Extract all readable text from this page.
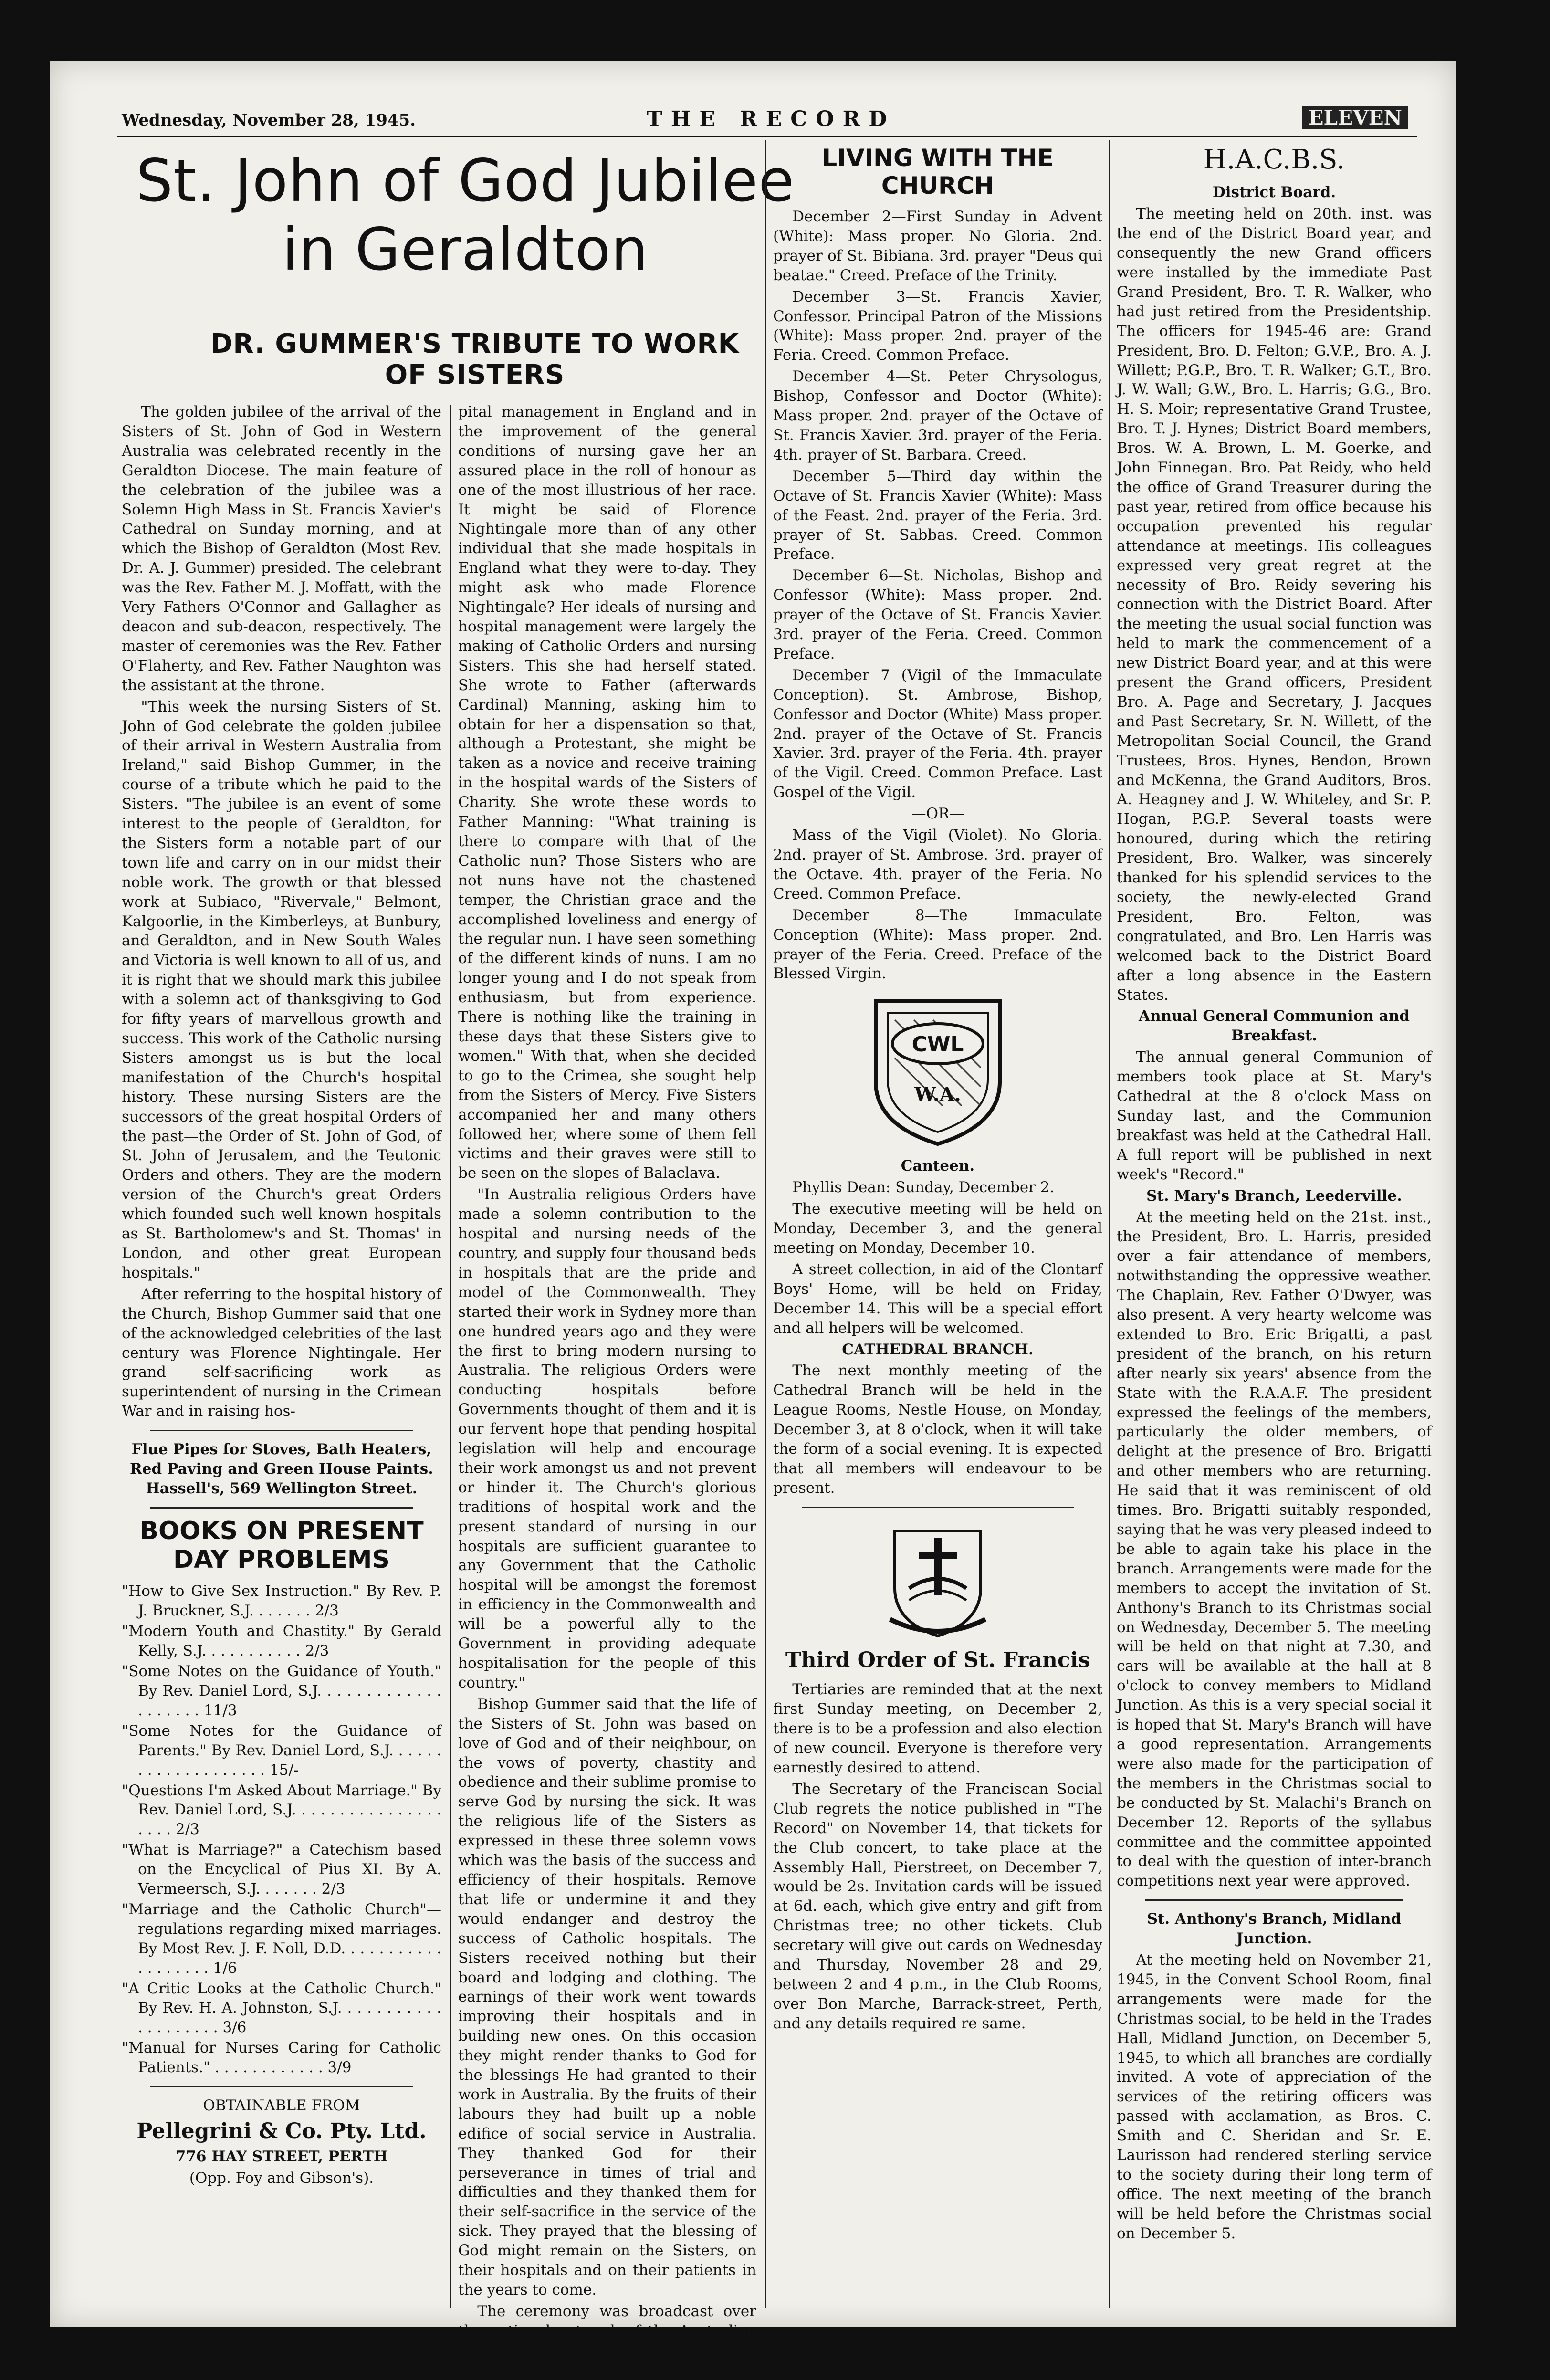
Wednesday, November 28, 1945.	THE RECORD	ELEVEN
St. John of God Jubilee in Geraldton
DR. GUMMER'S TRIBUTE TO WORK OF SISTERS

The golden jubilee of the arrival of the Sisters of St. John of God in Western Australia was celebrated recently in the Geraldton Diocese. The main feature of the celebration of the jubilee was a Solemn High Mass in St. Francis Xavier's Cathedral on Sunday morning, and at which the Bishop of Geraldton (Most Rev. Dr. A. J. Gummer) presided. The celebrant was the Rev. Father M. J. Moffatt, with the Very Fathers O'Connor and Gallagher as deacon and sub-deacon, respectively. The master of ceremonies was the Rev. Father O'Flaherty, and Rev. Father Naughton was the assistant at the throne.

"This week the nursing Sisters of St. John of God celebrate the golden jubilee of their arrival in Western Australia from Ireland," said Bishop Gummer, in the course of a tribute which he paid to the Sisters. "The jubilee is an event of some interest to the people of Geraldton, for the Sisters form a notable part of our town life and carry on in our midst their noble work. The growth or that blessed work at Subiaco, "Rivervale," Belmont, Kalgoorlie, in the Kimberleys, at Bunbury, and Geraldton, and in New South Wales and Victoria is well known to all of us, and it is right that we should mark this jubilee with a solemn act of thanksgiving to God for fifty years of marvellous growth and success. This work of the Catholic nursing Sisters amongst us is but the local manifestation of the Church's hospital history. These nursing Sisters are the successors of the great hospital Orders of the past—the Order of St. John of God, of St. John of Jerusalem, and the Teutonic Orders and others. They are the modern version of the Church's great Orders which founded such well known hospitals as St. Bartholomew's and St. Thomas' in London, and other great European hospitals."

After referring to the hospital history of the Church, Bishop Gummer said that one of the acknowledged celebrities of the last century was Florence Nightingale. Her grand self-sacrificing work as superintendent of nursing in the Crimean War and in raising hos-

Flue Pipes for Stoves, Bath Heaters, Red Paving and Green House Paints.
Hassell's, 569 Wellington Street.
BOOKS ON PRESENT DAY PROBLEMS

"How to Give Sex Instruction." By Rev. P. J. Bruckner, S.J. . . . . . . 2/3

"Modern Youth and Chastity." By Gerald Kelly, S.J. . . . . . . . . . . 2/3

"Some Notes on the Guidance of Youth." By Rev. Daniel Lord, S.J. . . . . . . . . . . . . . . . . . . . 11/3

"Some Notes for the Guidance of Parents." By Rev. Daniel Lord, S.J. . . . . . . . . . . . . . . . . . . . 15/-

"Questions I'm Asked About Marriage." By Rev. Daniel Lord, S.J. . . . . . . . . . . . . . . . . . . . 2/3

"What is Marriage?" a Catechism based on the Encyclical of Pius XI. By A. Vermeersch, S.J. . . . . . . 2/3

"Marriage and the Catholic Church"—regulations regarding mixed marriages. By Most Rev. J. F. Noll, D.D. . . . . . . . . . . . . . . . . . . 1/6

"A Critic Looks at the Catholic Church." By Rev. H. A. Johnston, S.J. . . . . . . . . . . . . . . . . . . . 3/6

"Manual for Nurses Caring for Catholic Patients." . . . . . . . . . . . . 3/9

OBTAINABLE FROM

Pellegrini & Co. Pty. Ltd.

776 HAY STREET, PERTH

(Opp. Foy and Gibson's).

pital management in England and in the improvement of the general conditions of nursing gave her an assured place in the roll of honour as one of the most illustrious of her race. It might be said of Florence Nightingale more than of any other individual that she made hospitals in England what they were to-day. They might ask who made Florence Nightingale? Her ideals of nursing and hospital management were largely the making of Catholic Orders and nursing Sisters. This she had herself stated. She wrote to Father (afterwards Cardinal) Manning, asking him to obtain for her a dispensation so that, although a Protestant, she might be taken as a novice and receive training in the hospital wards of the Sisters of Charity. She wrote these words to Father Manning: "What training is there to compare with that of the Catholic nun? Those Sisters who are not nuns have not the chastened temper, the Christian grace and the accomplished loveliness and energy of the regular nun. I have seen something of the different kinds of nuns. I am no longer young and I do not speak from enthusiasm, but from experience. There is nothing like the training in these days that these Sisters give to women." With that, when she decided to go to the Crimea, she sought help from the Sisters of Mercy. Five Sisters accompanied her and many others followed her, where some of them fell victims and their graves were still to be seen on the slopes of Balaclava.

"In Australia religious Orders have made a solemn contribution to the hospital and nursing needs of the country, and supply four thousand beds in hospitals that are the pride and model of the Commonwealth. They started their work in Sydney more than one hundred years ago and they were the first to bring modern nursing to Australia. The religious Orders were conducting hospitals before Governments thought of them and it is our fervent hope that pending hospital legislation will help and encourage their work amongst us and not prevent or hinder it. The Church's glorious traditions of hospital work and the present standard of nursing in our hospitals are sufficient guarantee to any Government that the Catholic hospital will be amongst the foremost in efficiency in the Commonwealth and will be a powerful ally to the Government in providing adequate hospitalisation for the people of this country."

Bishop Gummer said that the life of the Sisters of St. John was based on love of God and of their neighbour, on the vows of poverty, chastity and obedience and their sublime promise to serve God by nursing the sick. It was the religious life of the Sisters as expressed in these three solemn vows which was the basis of the success and efficiency of their hospitals. Remove that life or undermine it and they would endanger and destroy the success of Catholic hospitals. The Sisters received nothing but their board and lodging and clothing. The earnings of their work went towards improving their hospitals and in building new ones. On this occasion they might render thanks to God for the blessings He had granted to their work in Australia. By the fruits of their labours they had built up a noble edifice of social service in Australia. They thanked God for their perseverance in times of trial and difficulties and they thanked them for their self-sacrifice in the service of the sick. They prayed that the blessing of God might remain on the Sisters, on their hospitals and on their patients in the years to come.

The ceremony was broadcast over the national network of the Australian Broadcasting Commission in Western Australia.

LIVING WITH THE CHURCH

December 2—First Sunday in Advent (White): Mass proper. No Gloria. 2nd. prayer of St. Bibiana. 3rd. prayer "Deus qui beatae." Creed. Preface of the Trinity.

December 3—St. Francis Xavier, Confessor. Principal Patron of the Missions (White): Mass proper. 2nd. prayer of the Feria. Creed. Common Preface.

December 4—St. Peter Chrysologus, Bishop, Confessor and Doctor (White): Mass proper. 2nd. prayer of the Octave of St. Francis Xavier. 3rd. prayer of the Feria. 4th. prayer of St. Barbara. Creed.

December 5—Third day within the Octave of St. Francis Xavier (White): Mass of the Feast. 2nd. prayer of the Feria. 3rd. prayer of St. Sabbas. Creed. Common Preface.

December 6—St. Nicholas, Bishop and Confessor (White): Mass proper. 2nd. prayer of the Octave of St. Francis Xavier. 3rd. prayer of the Feria. Creed. Common Preface.

December 7 (Vigil of the Immaculate Conception). St. Ambrose, Bishop, Confessor and Doctor (White) Mass proper. 2nd. prayer of the Octave of St. Francis Xavier. 3rd. prayer of the Feria. 4th. prayer of the Vigil. Creed. Common Preface. Last Gospel of the Vigil.

—OR—

Mass of the Vigil (Violet). No Gloria. 2nd. prayer of St. Ambrose. 3rd. prayer of the Octave. 4th. prayer of the Feria. No Creed. Common Preface.

December 8—The Immaculate Conception (White): Mass proper. 2nd. prayer of the Feria. Creed. Preface of the Blessed Virgin.

CWL
W.A.

Canteen.

Phyllis Dean: Sunday, December 2.

The executive meeting will be held on Monday, December 3, and the general meeting on Monday, December 10.

A street collection, in aid of the Clontarf Boys' Home, will be held on Friday, December 14. This will be a special effort and all helpers will be welcomed.

CATHEDRAL BRANCH.

The next monthly meeting of the Cathedral Branch will be held in the League Rooms, Nestle House, on Monday, December 3, at 8 o'clock, when it will take the form of a social evening. It is expected that all members will endeavour to be present.

Third Order of St. Francis

Tertiaries are reminded that at the next first Sunday meeting, on December 2, there is to be a profession and also election of new council. Everyone is therefore very earnestly desired to attend.

The Secretary of the Franciscan Social Club regrets the notice published in "The Record" on November 14, that tickets for the Club concert, to take place at the Assembly Hall, Pierstreet, on December 7, would be 2s. Invitation cards will be issued at 6d. each, which give entry and gift from Christmas tree; no other tickets. Club secretary will give out cards on Wednesday and Thursday, November 28 and 29, between 2 and 4 p.m., in the Club Rooms, over Bon Marche, Barrack-street, Perth, and any details required re same.

H.A.C.B.S.

District Board.

The meeting held on 20th. inst. was the end of the District Board year, and consequently the new Grand officers were installed by the immediate Past Grand President, Bro. T. R. Walker, who had just retired from the Presidentship. The officers for 1945-46 are: Grand President, Bro. D. Felton; G.V.P., Bro. A. J. Willett; P.G.P., Bro. T. R. Walker; G.T., Bro. J. W. Wall; G.W., Bro. L. Harris; G.G., Bro. H. S. Moir; representative Grand Trustee, Bro. T. J. Hynes; District Board members, Bros. W. A. Brown, L. M. Goerke, and John Finnegan. Bro. Pat Reidy, who held the office of Grand Treasurer during the past year, retired from office because his occupation prevented his regular attendance at meetings. His colleagues expressed very great regret at the necessity of Bro. Reidy severing his connection with the District Board. After the meeting the usual social function was held to mark the commencement of a new District Board year, and at this were present the Grand officers, President Bro. A. Page and Secretary, J. Jacques and Past Secretary, Sr. N. Willett, of the Metropolitan Social Council, the Grand Trustees, Bros. Hynes, Bendon, Brown and McKenna, the Grand Auditors, Bros. A. Heagney and J. W. Whiteley, and Sr. P. Hogan, P.G.P. Several toasts were honoured, during which the retiring President, Bro. Walker, was sincerely thanked for his splendid services to the society, the newly-elected Grand President, Bro. Felton, was congratulated, and Bro. Len Harris was welcomed back to the District Board after a long absence in the Eastern States.

Annual General Communion and Breakfast.

The annual general Communion of members took place at St. Mary's Cathedral at the 8 o'clock Mass on Sunday last, and the Communion breakfast was held at the Cathedral Hall. A full report will be published in next week's "Record."

St. Mary's Branch, Leederville.

At the meeting held on the 21st. inst., the President, Bro. L. Harris, presided over a fair attendance of members, notwithstanding the oppressive weather. The Chaplain, Rev. Father O'Dwyer, was also present. A very hearty welcome was extended to Bro. Eric Brigatti, a past president of the branch, on his return after nearly six years' absence from the State with the R.A.A.F. The president expressed the feelings of the members, particularly the older members, of delight at the presence of Bro. Brigatti and other members who are returning. He said that it was reminiscent of old times. Bro. Brigatti suitably responded, saying that he was very pleased indeed to be able to again take his place in the branch. Arrangements were made for the members to accept the invitation of St. Anthony's Branch to its Christmas social on Wednesday, December 5. The meeting will be held on that night at 7.30, and cars will be available at the hall at 8 o'clock to convey members to Midland Junction. As this is a very special social it is hoped that St. Mary's Branch will have a good representation. Arrangements were also made for the participation of the members in the Christmas social to be conducted by St. Malachi's Branch on December 12. Reports of the syllabus committee and the committee appointed to deal with the question of inter-branch competitions next year were approved.

St. Anthony's Branch, Midland Junction.

At the meeting held on November 21, 1945, in the Convent School Room, final arrangements were made for the Christmas social, to be held in the Trades Hall, Midland Junction, on December 5, 1945, to which all branches are cordially invited. A vote of appreciation of the services of the retiring officers was passed with acclamation, as Bros. C. Smith and C. Sheridan and Sr. E. Laurisson had rendered sterling service to the society during their long term of office. The next meeting of the branch will be held before the Christmas social on December 5.
